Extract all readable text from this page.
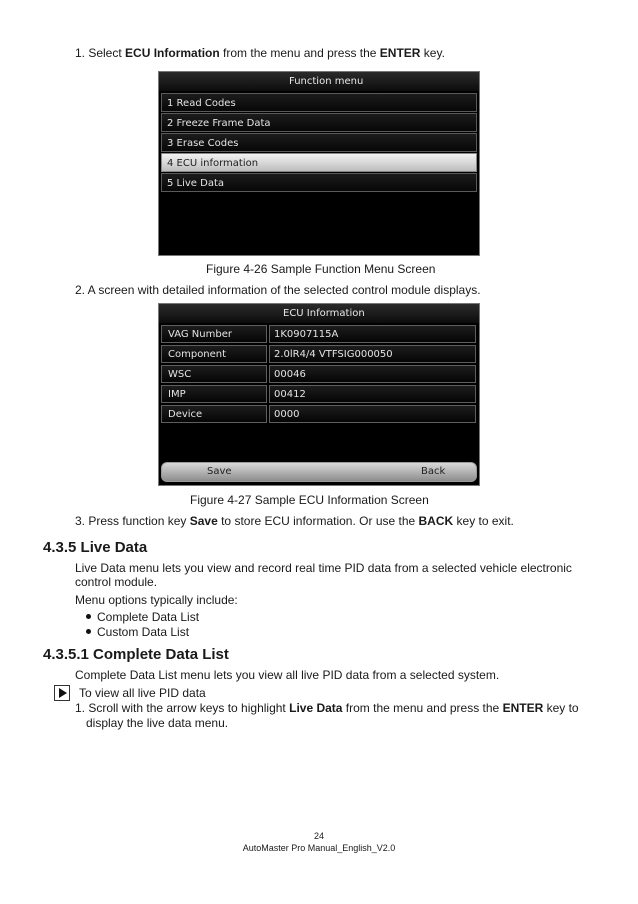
1. Select ECU Information from the menu and press the ENTER key.
Function menu
1 Read Codes
2 Freeze Frame Data
3 Erase Codes
4 ECU information
5 Live Data
Figure 4-26 Sample Function Menu Screen
2. A screen with detailed information of the selected control module displays.
ECU Information
VAG Number	1K0907115A
Component	2.0lR4/4 VTFSIG000050
WSC	00046
IMP	00412
Device	0000
Save	Back
Figure 4-27 Sample ECU Information Screen
3. Press function key Save to store ECU information. Or use the BACK key to exit.
4.3.5 Live Data
Live Data menu lets you view and record real time PID data from a selected vehicle electronic
control module.
Menu options typically include:
Complete Data List
Custom Data List
4.3.5.1 Complete Data List
Complete Data List menu lets you view all live PID data from a selected system.
To view all live PID data
1. Scroll with the arrow keys to highlight Live Data from the menu and press the ENTER key to
display the live data menu.
24
AutoMaster Pro Manual_English_V2.0
